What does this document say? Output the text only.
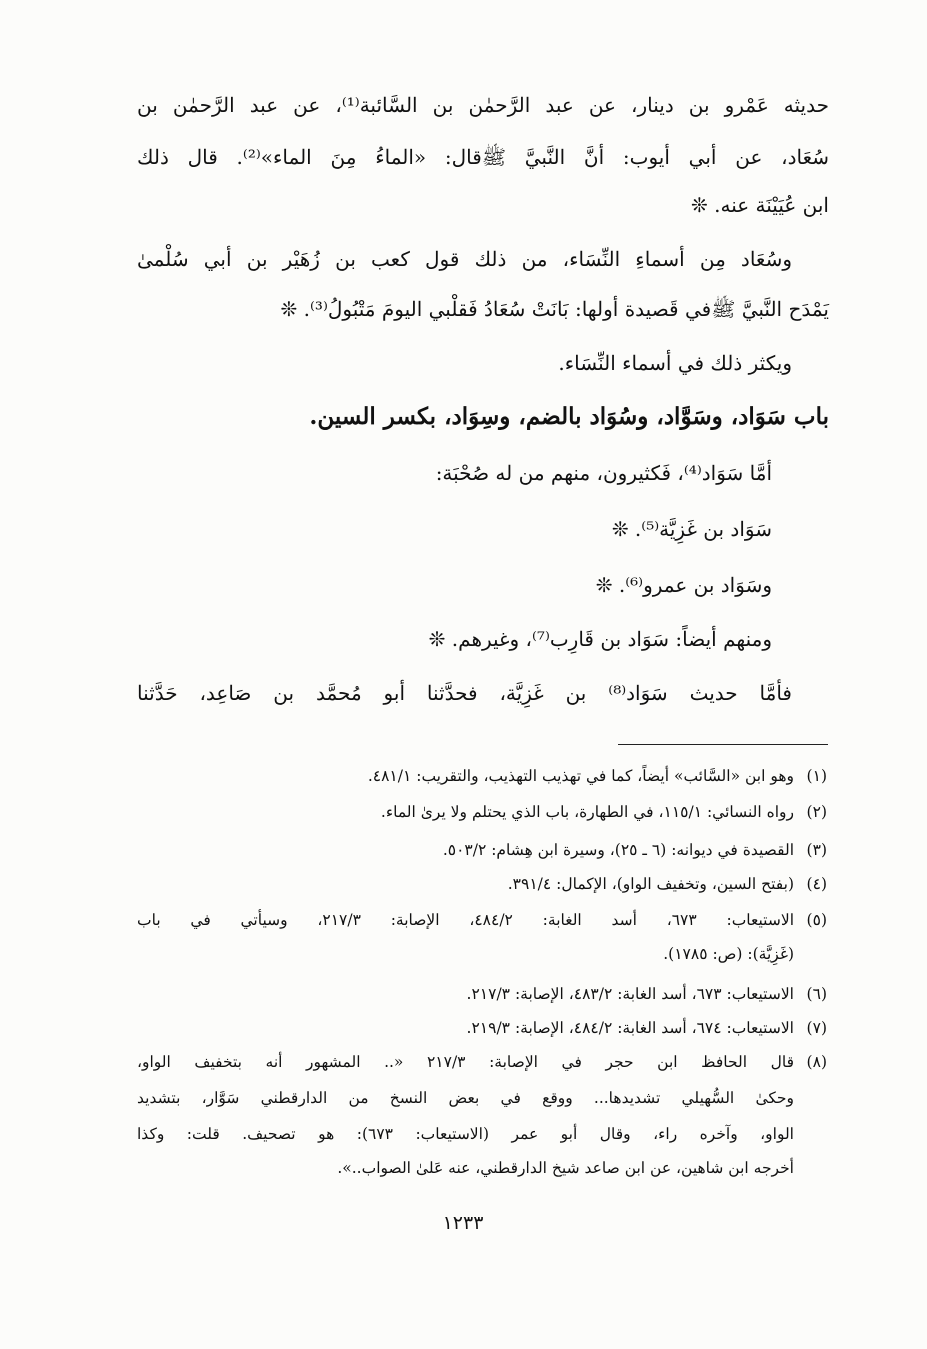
حديثه عَمْرو بن دينار، عن عبد الرَّحمٰن بن السَّائبة⁽¹⁾، عن عبد الرَّحمٰن بن
سُعَاد، عن أبي أيوب: أنَّ النَّبيَّ ﷺقال: «الماءُ مِنَ الماء»⁽²⁾. قال ذلك
ابن عُيَيْنَة عنه. ❊
وسُعَاد مِن أسماءِ النِّسَاء، من ذلك قول كعب بن زُهَيْر بن أبي سُلْمىٰ
يَمْدَح النَّبيَّ ﷺفي قَصيدة أولها: بَانَتْ سُعَادُ فَقلْبي اليومَ مَتْبُولُ⁽³⁾. ❊
ويكثر ذلك في أسماء النِّسَاء.
باب سَوَاد، وسَوَّاد، وسُوَاد بالضم، وسِوَاد، بكسر السين.
أمَّا سَوَاد⁽⁴⁾، فَكثيرون، منهم من له صُحْبَة:
سَوَاد بن غَزِيَّة⁽⁵⁾. ❊
وسَوَاد بن عمرو⁽⁶⁾. ❊
ومنهم أيضاً: سَوَاد بن قَارِب⁽⁷⁾، وغيرهم. ❊
فأمَّا حديث سَوَاد⁽⁸⁾ بن غَزِيَّة، فحدَّثنا أبو مُحمَّد بن صَاعِد، حَدَّثنا
(١)
وهو ابن «السَّائب» أيضاً، كما في تهذيب التهذيب، والتقريب: ٤٨١/١.
(٢)
رواه النسائي: ١١٥/١، في الطهارة، باب الذي يحتلم ولا يرىٰ الماء.
(٣)
القصيدة في ديوانه: (٦ ـ ٢٥)، وسيرة ابن هِشام: ٥٠٣/٢.
(٤)
(بفتح السين، وتخفيف الواو)، الإكمال: ٣٩١/٤.
(٥)
الاستيعاب: ٦٧٣، أسد الغابة: ٤٨٤/٢، الإصابة: ٢١٧/٣، وسيأتي في باب
(غَزِيَّة): (ص: ١٧٨٥).
(٦)
الاستيعاب: ٦٧٣، أسد الغابة: ٤٨٣/٢، الإصابة: ٢١٧/٣.
(٧)
الاستيعاب: ٦٧٤، أسد الغابة: ٤٨٤/٢، الإصابة: ٢١٩/٣.
(٨)
قال الحافظ ابن حجر في الإصابة: ٢١٧/٣ «.. المشهور أنه بتخفيف الواو،
وحكىٰ السُّهيلي تشديدها... ووقع في بعض النسخ من الدارقطني سَوَّار، بتشديد
الواو، وآخره راء، وقال أبو عمر (الاستيعاب: ٦٧٣): هو تصحيف. قلت: وكذا
أخرجه ابن شاهين، عن ابن صاعد شيخ الدارقطني، عنه عَلىٰ الصواب..».
١٢٣٣
